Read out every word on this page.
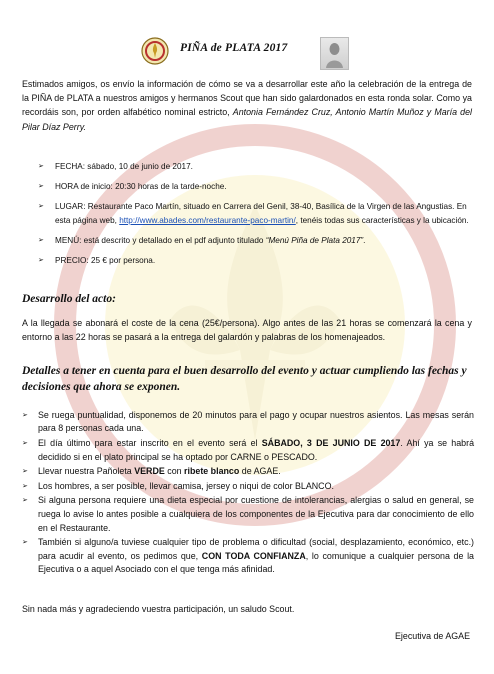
PIÑA de PLATA 2017
Estimados amigos, os envío la información de cómo se va a desarrollar este año la celebración de la entrega de la PIÑA de PLATA a nuestros amigos y hermanos Scout que han sido galardonados en esta ronda solar. Como ya recordáis son, por orden alfabético nominal estricto, Antonia Fernández Cruz, Antonio Martín Muñoz y María del Pilar Díaz Perry.
➢ FECHA: sábado, 10 de junio de 2017.
➢ HORA de inicio: 20:30 horas de la tarde-noche.
➢ LUGAR: Restaurante Paco Martín, situado en Carrera del Genil, 38-40, Basílica de la Virgen de las Angustias. En esta página web, http://www.abades.com/restaurante-paco-martin/, tenéis todas sus características y la ubicación.
➢ MENÚ: está descrito y detallado en el pdf adjunto titulado “Menú Piña de Plata 2017”.
➢ PRECIO: 25 € por persona.
Desarrollo del acto:
A la llegada se abonará el coste de la cena (25€/persona). Algo antes de las 21 horas se comenzará la cena y entorno a las 22 horas se pasará a la entrega del galardón y palabras de los homenajeados.
Detalles a tener en cuenta para el buen desarrollo del evento y actuar cumpliendo las fechas y decisiones que ahora se exponen.
➢ Se ruega puntualidad, disponemos de 20 minutos para el pago y ocupar nuestros asientos. Las mesas serán para 8 personas cada una.
➢ El día último para estar inscrito en el evento será el SÁBADO, 3 DE JUNIO DE 2017. Ahí ya se habrá decidido si en el plato principal se ha optado por CARNE o PESCADO.
➢ Llevar nuestra Pañoleta VERDE con ribete blanco de AGAE.
➢ Los hombres, a ser posible, llevar camisa, jersey o niqui de color BLANCO.
➢ Si alguna persona requiere una dieta especial por cuestione de intolerancias, alergias o salud en general, se ruega lo avise lo antes posible a cualquiera de los componentes de la Ejecutiva para dar conocimiento de ello en el Restaurante.
➢ También si alguno/a tuviese cualquier tipo de problema o dificultad (social, desplazamiento, económico, etc.) para acudir al evento, os pedimos que, CON TODA CONFIANZA, lo comunique a cualquier persona de la Ejecutiva o a aquel Asociado con el que tenga más afinidad.
Sin nada más y agradeciendo vuestra participación, un saludo Scout.
Ejecutiva de AGAE
